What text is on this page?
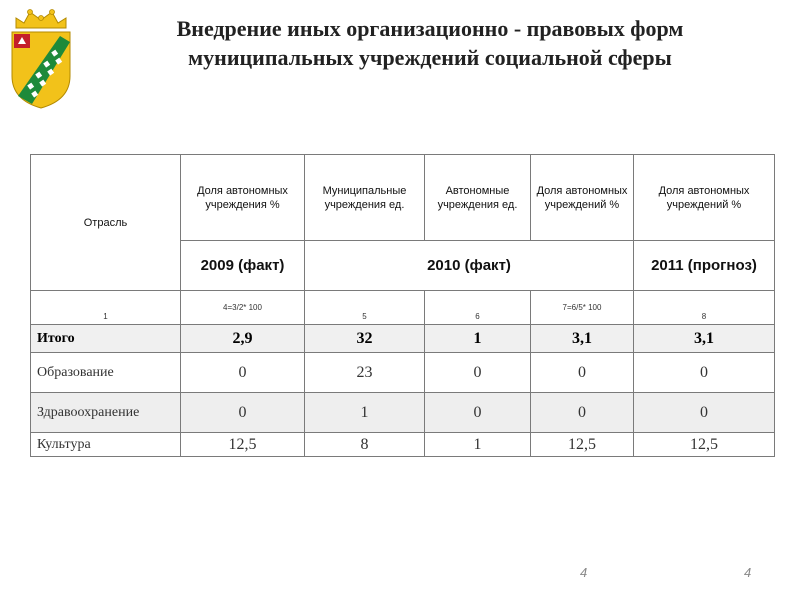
Внедрение иных организационно - правовых форм
муниципальных учреждений социальной сферы
Отрасль	Доля автономных учреждения %	Муниципальные учреждения ед.	Автономные учреждения ед.	Доля автономных учреждений %	Доля автономных учреждений %
	2009 (факт)	2010 (факт)			2011 (прогноз)
1	4=3/2* 100	5	6	7=6/5* 100	8
Итого	2,9	32	1	3,1	3,1
Образование	0	23	0	0	0
Здравоохранение	0	1	0	0	0
Культура	12,5	8	1	12,5	12,5
4	4
